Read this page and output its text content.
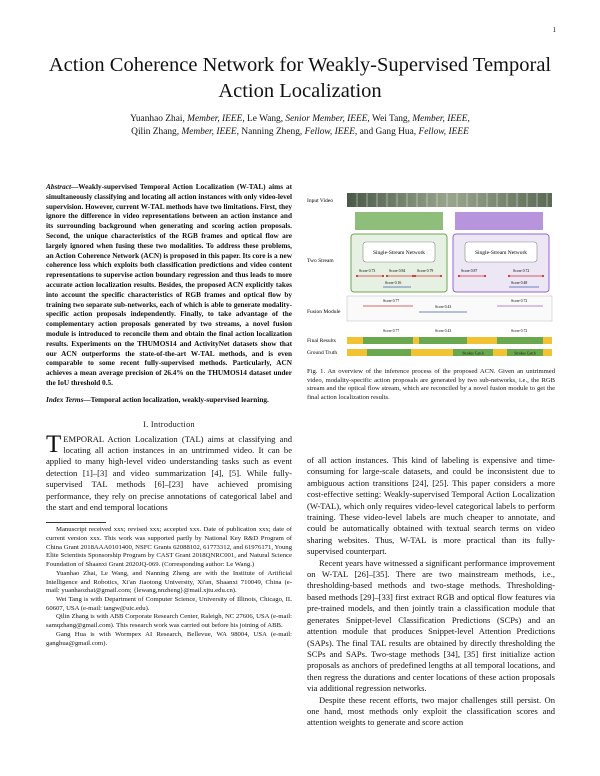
1
Action Coherence Network for Weakly-Supervised Temporal Action Localization
Yuanhao Zhai, Member, IEEE, Le Wang, Senior Member, IEEE, Wei Tang, Member, IEEE,
Qilin Zhang, Member, IEEE, Nanning Zheng, Fellow, IEEE, and Gang Hua, Fellow, IEEE

Abstract—Weakly-supervised Temporal Action Localization (W-TAL) aims at simultaneously classifying and locating all action instances with only video-level supervision. However, current W-TAL methods have two limitations. First, they ignore the difference in video representations between an action instance and its surrounding background when generating and scoring action proposals. Second, the unique characteristics of the RGB frames and optical flow are largely ignored when fusing these two modalities. To address these problems, an Action Coherence Network (ACN) is proposed in this paper. Its core is a new coherence loss which exploits both classification predictions and video content representations to supervise action boundary regression and thus leads to more accurate action localization results. Besides, the proposed ACN explicitly takes into account the specific characteristics of RGB frames and optical flow by training two separate sub-networks, each of which is able to generate modality-specific action proposals independently. Finally, to take advantage of the complementary action proposals generated by two streams, a novel fusion module is introduced to reconcile them and obtain the final action localization results. Experiments on the THUMOS14 and ActivityNet datasets show that our ACN outperforms the state-of-the-art W-TAL methods, and is even comparable to some recent fully-supervised methods. Particularly, ACN achieves a mean average precision of 26.4% on the THUMOS14 dataset under the IoU threshold 0.5.

Index Terms—Temporal action localization, weakly-supervised learning.

I. Introduction

TEMPORAL Action Localization (TAL) aims at classifying and locating all action instances in an untrimmed video. It can be applied to many high-level video understanding tasks such as event detection [1]–[3] and video summarization [4], [5]. While fully-supervised TAL methods [6]–[23] have achieved promising performance, they rely on precise annotations of categorical label and the start and end temporal locations

Manuscript received xxx; revised xxx; accepted xxx. Date of publication xxx; date of current version xxx. This work was supported partly by National Key R&D Program of China Grant 2018AAA0101400, NSFC Grants 62088102, 61773312, and 61976171, Young Elite Scientists Sponsorship Program by CAST Grant 2018QNRC001, and Natural Science Foundation of Shaanxi Grant 2020JQ-069. (Corresponding author: Le Wang.)

Yuanhao Zhai, Le Wang, and Nanning Zheng are with the Institute of Artificial Intelligence and Robotics, Xi'an Jiaotong University, Xi'an, Shaanxi 710049, China (e-mail: yuanhaozhai@gmail.com; {lewang,nnzheng}@mail.xjtu.edu.cn).

Wei Tang is with Department of Computer Science, University of Illinois, Chicago, IL 60607, USA (e-mail: tangw@uic.edu).

Qilin Zhang is with ABB Corporate Research Center, Raleigh, NC 27606, USA (e-mail: samqzhang@gmail.com). This research work was carried out before his joining of ABB.

Gang Hua is with Wormpex AI Research, Bellevue, WA 98004, USA (e-mail: ganghua@gmail.com).

Input Video
Two Stream
Fusion Module
Final Results
Ground Truth
Single-Stream Network	Single-Stream Network
Score 0.73	Score 0.84	Score 0.79
Score 0.16
Score 0.87	Score 0.72
Score 0.48
Score 0.77
Score 0.43
Score 0.72
Score 0.77	Score 0.43	Score 0.72
Strokes Catch	Strokes Catch

Fig. 1. An overview of the inference process of the proposed ACN. Given an untrimmed video, modality-specific action proposals are generated by two sub-networks, i.e., the RGB stream and the optical flow stream, which are reconciled by a novel fusion module to get the final action localization results.

of all action instances. This kind of labeling is expensive and time-consuming for large-scale datasets, and could be inconsistent due to ambiguous action transitions [24], [25]. This paper considers a more cost-effective setting: Weakly-supervised Temporal Action Localization (W-TAL), which only requires video-level categorical labels to perform training. These video-level labels are much cheaper to annotate, and could be automatically obtained with textual search terms on video sharing websites. Thus, W-TAL is more practical than its fully-supervised counterpart.

Recent years have witnessed a significant performance improvement on W-TAL [26]–[35]. There are two mainstream methods, i.e., thresholding-based methods and two-stage methods. Thresholding-based methods [29]–[33] first extract RGB and optical flow features via pre-trained models, and then jointly train a classification module that generates Snippet-level Classification Predictions (SCPs) and an attention module that produces Snippet-level Attention Predictions (SAPs). The final TAL results are obtained by directly thresholding the SCPs and SAPs. Two-stage methods [34], [35] first initialize action proposals as anchors of predefined lengths at all temporal locations, and then regress the durations and center locations of these action proposals via additional regression networks.

Despite these recent efforts, two major challenges still persist. On one hand, most methods only exploit the classification scores and attention weights to generate and score action
